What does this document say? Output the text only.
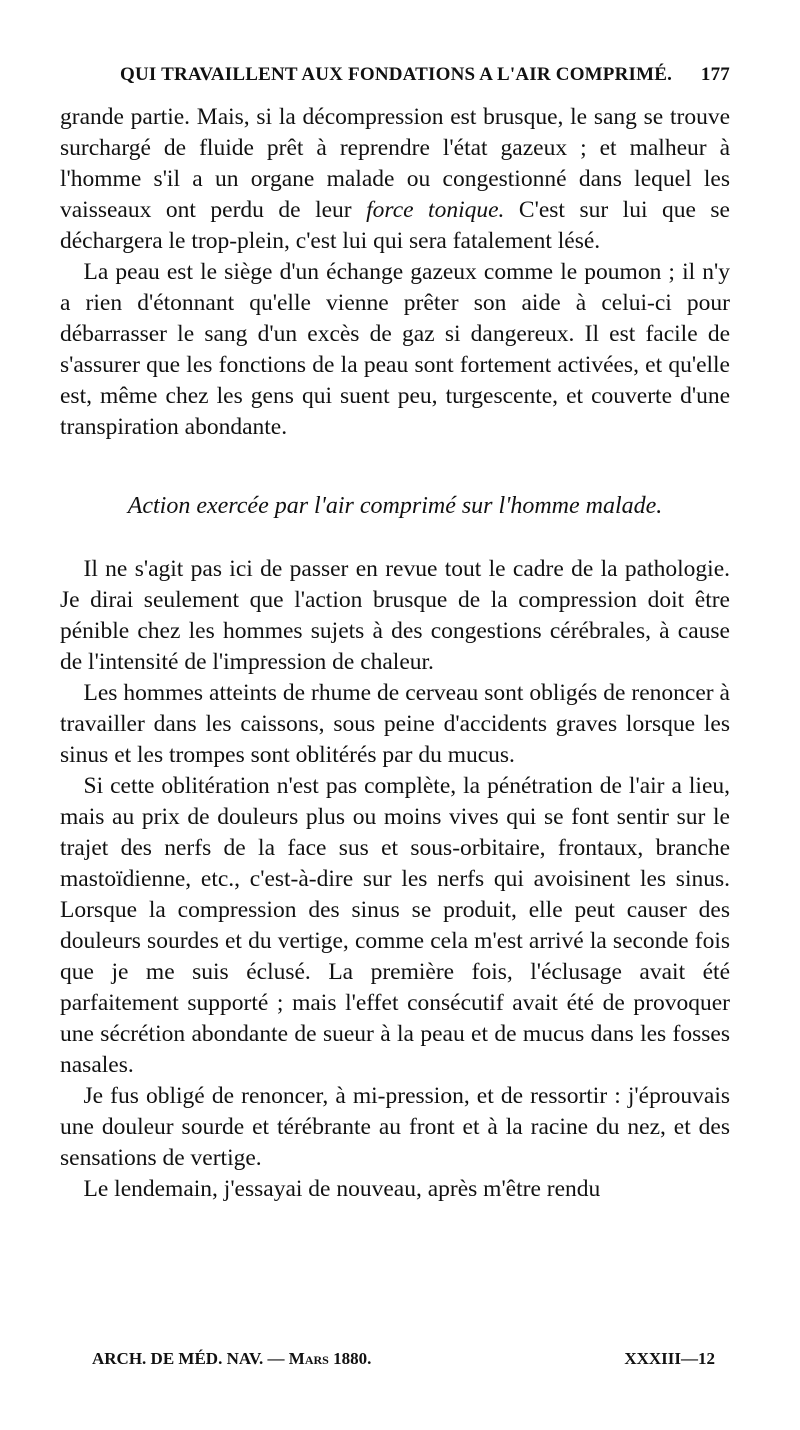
QUI TRAVAILLENT AUX FONDATIONS A L'AIR COMPRIMÉ. 177

grande partie. Mais, si la décompression est brusque, le sang se trouve surchargé de fluide prêt à reprendre l'état gazeux ; et malheur à l'homme s'il a un organe malade ou congestionné dans lequel les vaisseaux ont perdu de leur force tonique. C'est sur lui que se déchargera le trop-plein, c'est lui qui sera fatalement lésé.

La peau est le siège d'un échange gazeux comme le poumon ; il n'y a rien d'étonnant qu'elle vienne prêter son aide à celui-ci pour débarrasser le sang d'un excès de gaz si dangereux. Il est facile de s'assurer que les fonctions de la peau sont fortement activées, et qu'elle est, même chez les gens qui suent peu, turgescente, et couverte d'une transpiration abondante.

Action exercée par l'air comprimé sur l'homme malade.

Il ne s'agit pas ici de passer en revue tout le cadre de la pathologie. Je dirai seulement que l'action brusque de la compression doit être pénible chez les hommes sujets à des congestions cérébrales, à cause de l'intensité de l'impression de chaleur.

Les hommes atteints de rhume de cerveau sont obligés de renoncer à travailler dans les caissons, sous peine d'accidents graves lorsque les sinus et les trompes sont oblitérés par du mucus.

Si cette oblitération n'est pas complète, la pénétration de l'air a lieu, mais au prix de douleurs plus ou moins vives qui se font sentir sur le trajet des nerfs de la face sus et sous-orbitaire, frontaux, branche mastoïdienne, etc., c'est-à-dire sur les nerfs qui avoisinent les sinus. Lorsque la compression des sinus se produit, elle peut causer des douleurs sourdes et du vertige, comme cela m'est arrivé la seconde fois que je me suis éclusé. La première fois, l'éclusage avait été parfaitement supporté ; mais l'effet consécutif avait été de provoquer une sécrétion abondante de sueur à la peau et de mucus dans les fosses nasales.

Je fus obligé de renoncer, à mi-pression, et de ressortir : j'éprouvais une douleur sourde et térébrante au front et à la racine du nez, et des sensations de vertige.

Le lendemain, j'essayai de nouveau, après m'être rendu

ARCH. DE MÉD. NAV. — Mars 1880.	XXXIII—12
